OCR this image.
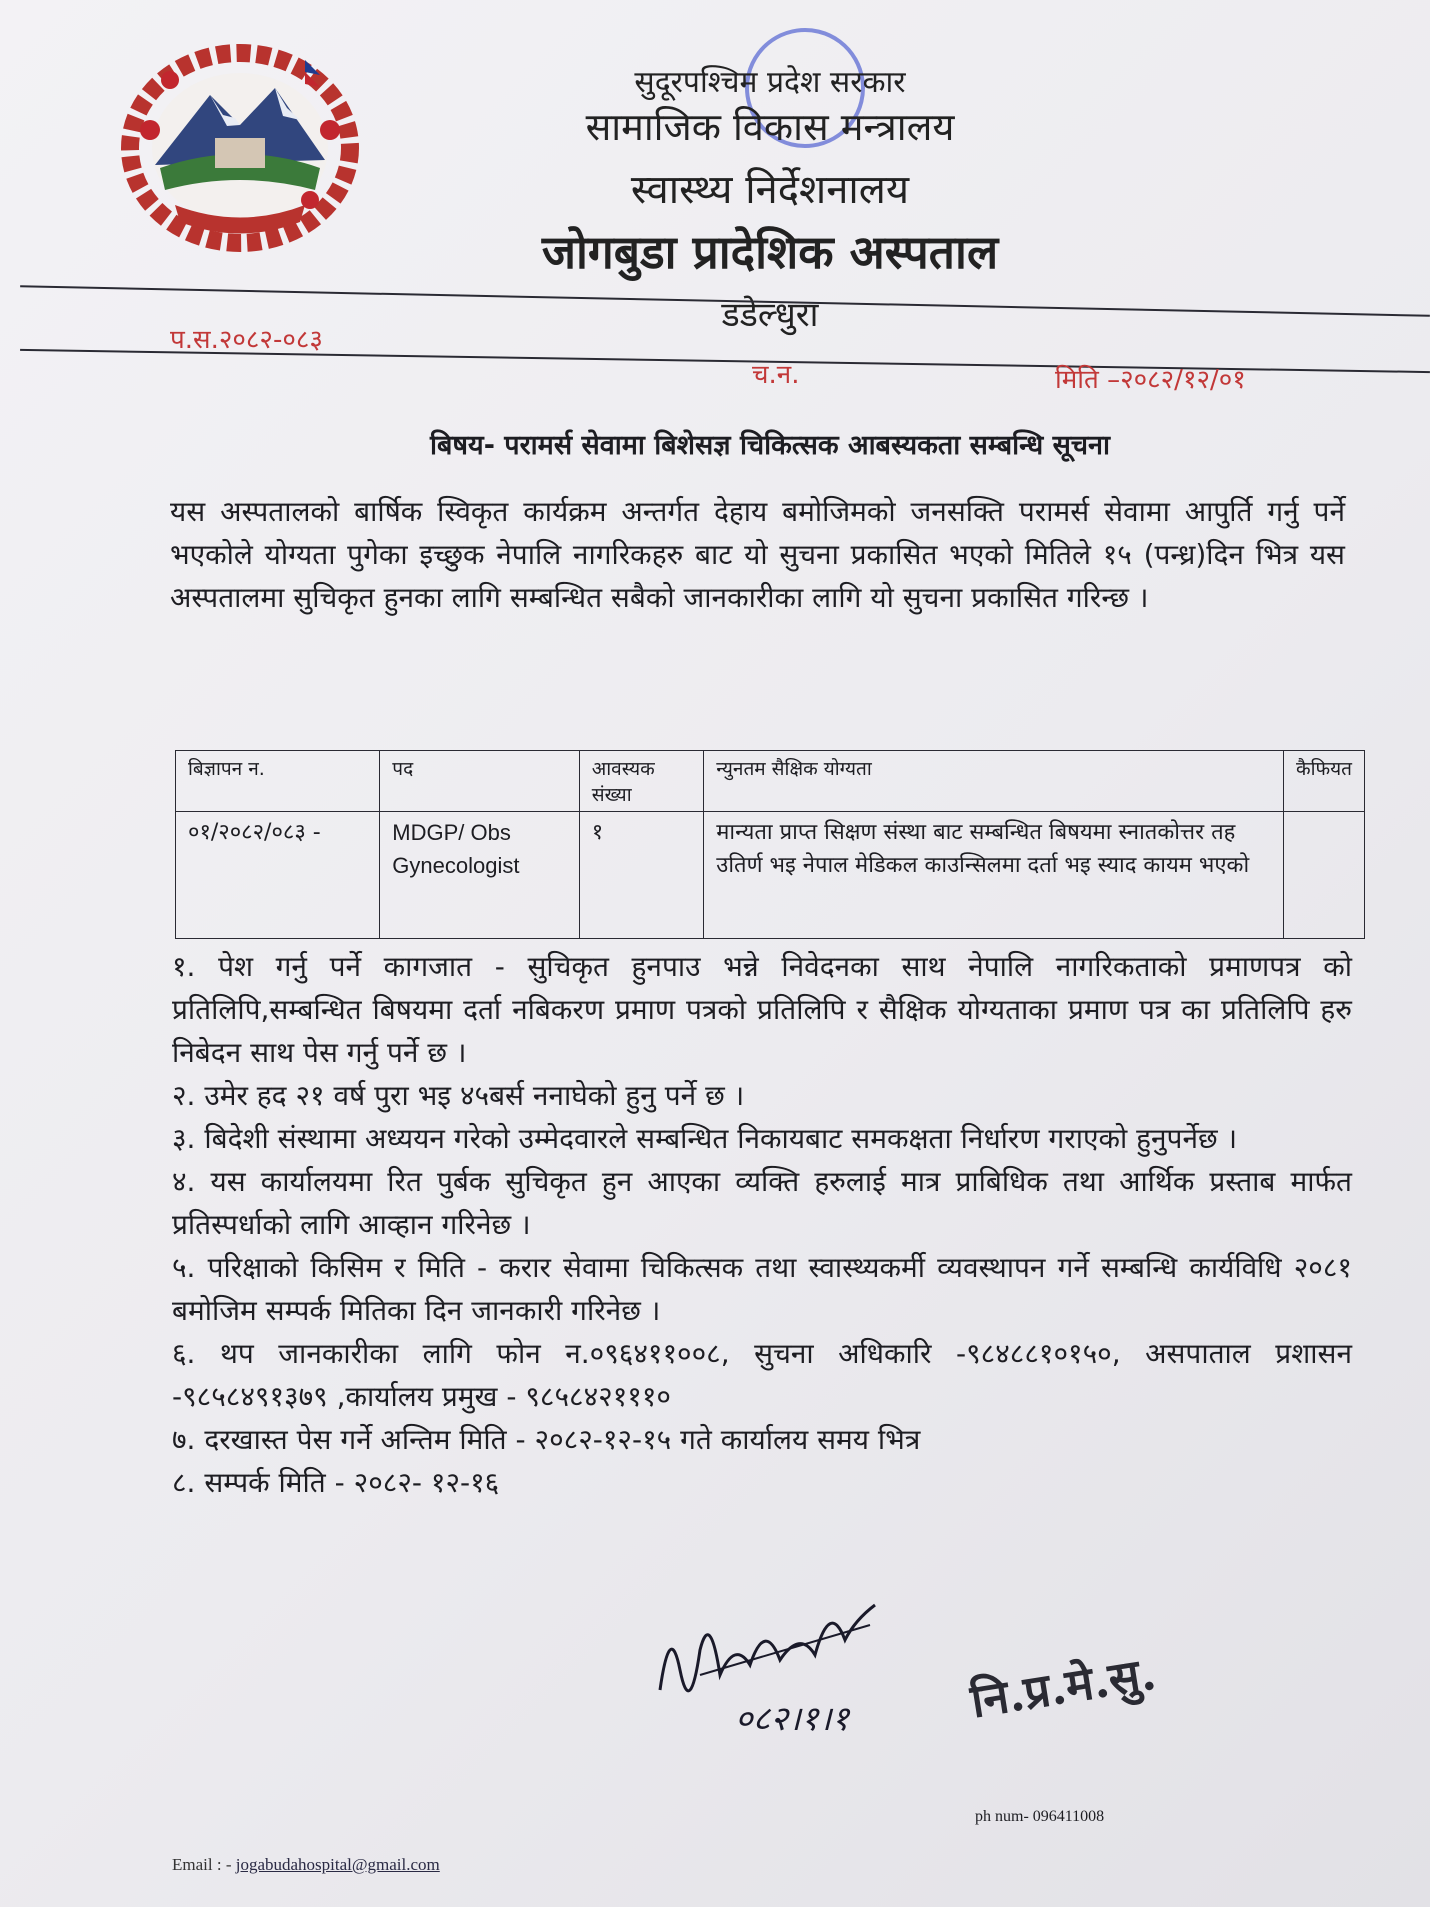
सुदूरपश्चिम प्रदेश सरकार
सामाजिक विकास मन्त्रालय
स्वास्थ्य निर्देशनालय
जोगबुडा प्रादेशिक अस्पताल
डडेल्धुरा
प.स.२०८२-०८३
च.न.	मिति –२०८२/१२/०१
बिषय- परामर्स सेवामा बिशेसज्ञ चिकित्सक आबस्यकता सम्बन्धि सूचना
यस अस्पतालको बार्षिक स्विकृत कार्यक्रम अन्तर्गत देहाय बमोजिमको जनसक्ति परामर्स सेवामा आपुर्ति गर्नु पर्ने भएकोले योग्यता पुगेका इच्छुक नेपालि नागरिकहरु बाट यो सुचना प्रकासित भएको मितिले १५ (पन्ध्र)दिन भित्र यस अस्पतालमा सुचिकृत हुनका लागि सम्बन्धित सबैको जानकारीका लागि यो सुचना प्रकासित गरिन्छ ।
बिज्ञापन न.	पद	आवस्यक संख्या	न्युनतम सैक्षिक योग्यता	कैफियत
०१/२०८२/०८३ -	MDGP/ Obs Gynecologist	१	मान्यता प्राप्त सिक्षण संस्था बाट सम्बन्धित बिषयमा स्नातकोत्तर तह उतिर्ण भइ नेपाल मेडिकल काउन्सिलमा दर्ता भइ स्याद कायम भएको	

१. पेश गर्नु पर्ने कागजात - सुचिकृत हुनपाउ भन्ने निवेदनका साथ नेपालि नागरिकताको प्रमाणपत्र को प्रतिलिपि,सम्बन्धित बिषयमा दर्ता नबिकरण प्रमाण पत्रको प्रतिलिपि र सैक्षिक योग्यताका प्रमाण पत्र का प्रतिलिपि हरु निबेदन साथ पेस गर्नु पर्ने छ ।

२. उमेर हद २१ वर्ष पुरा भइ ४५बर्स ननाघेको हुनु पर्ने छ ।

३. बिदेशी संस्थामा अध्ययन गरेको उम्मेदवारले सम्बन्धित निकायबाट समकक्षता निर्धारण गराएको हुनुपर्नेछ ।

४. यस कार्यालयमा रित पुर्बक सुचिकृत हुन आएका व्यक्ति हरुलाई मात्र प्राबिधिक तथा आर्थिक प्रस्ताब मार्फत प्रतिस्पर्धाको लागि आव्हान गरिनेछ ।

५. परिक्षाको किसिम र मिति - करार सेवामा चिकित्सक तथा स्वास्थ्यकर्मी व्यवस्थापन गर्ने सम्बन्धि कार्यविधि २०८१ बमोजिम सम्पर्क मितिका दिन जानकारी गरिनेछ ।

६. थप जानकारीका लागि फोन न.०९६४११००८, सुचना अधिकारि -९८४८८१०१५०, असपाताल प्रशासन -९८५८४९१३७९ ,कार्यालय प्रमुख - ९८५८४२१११०

७. दरखास्त पेस गर्ने अन्तिम मिति - २०८२-१२-१५ गते कार्यालय समय भित्र

८. सम्पर्क मिति - २०८२- १२-१६

०८२।१।१	नि.प्र.मे.सु.
ph num- 096411008
Email : - jogabudahospital@gmail.com
